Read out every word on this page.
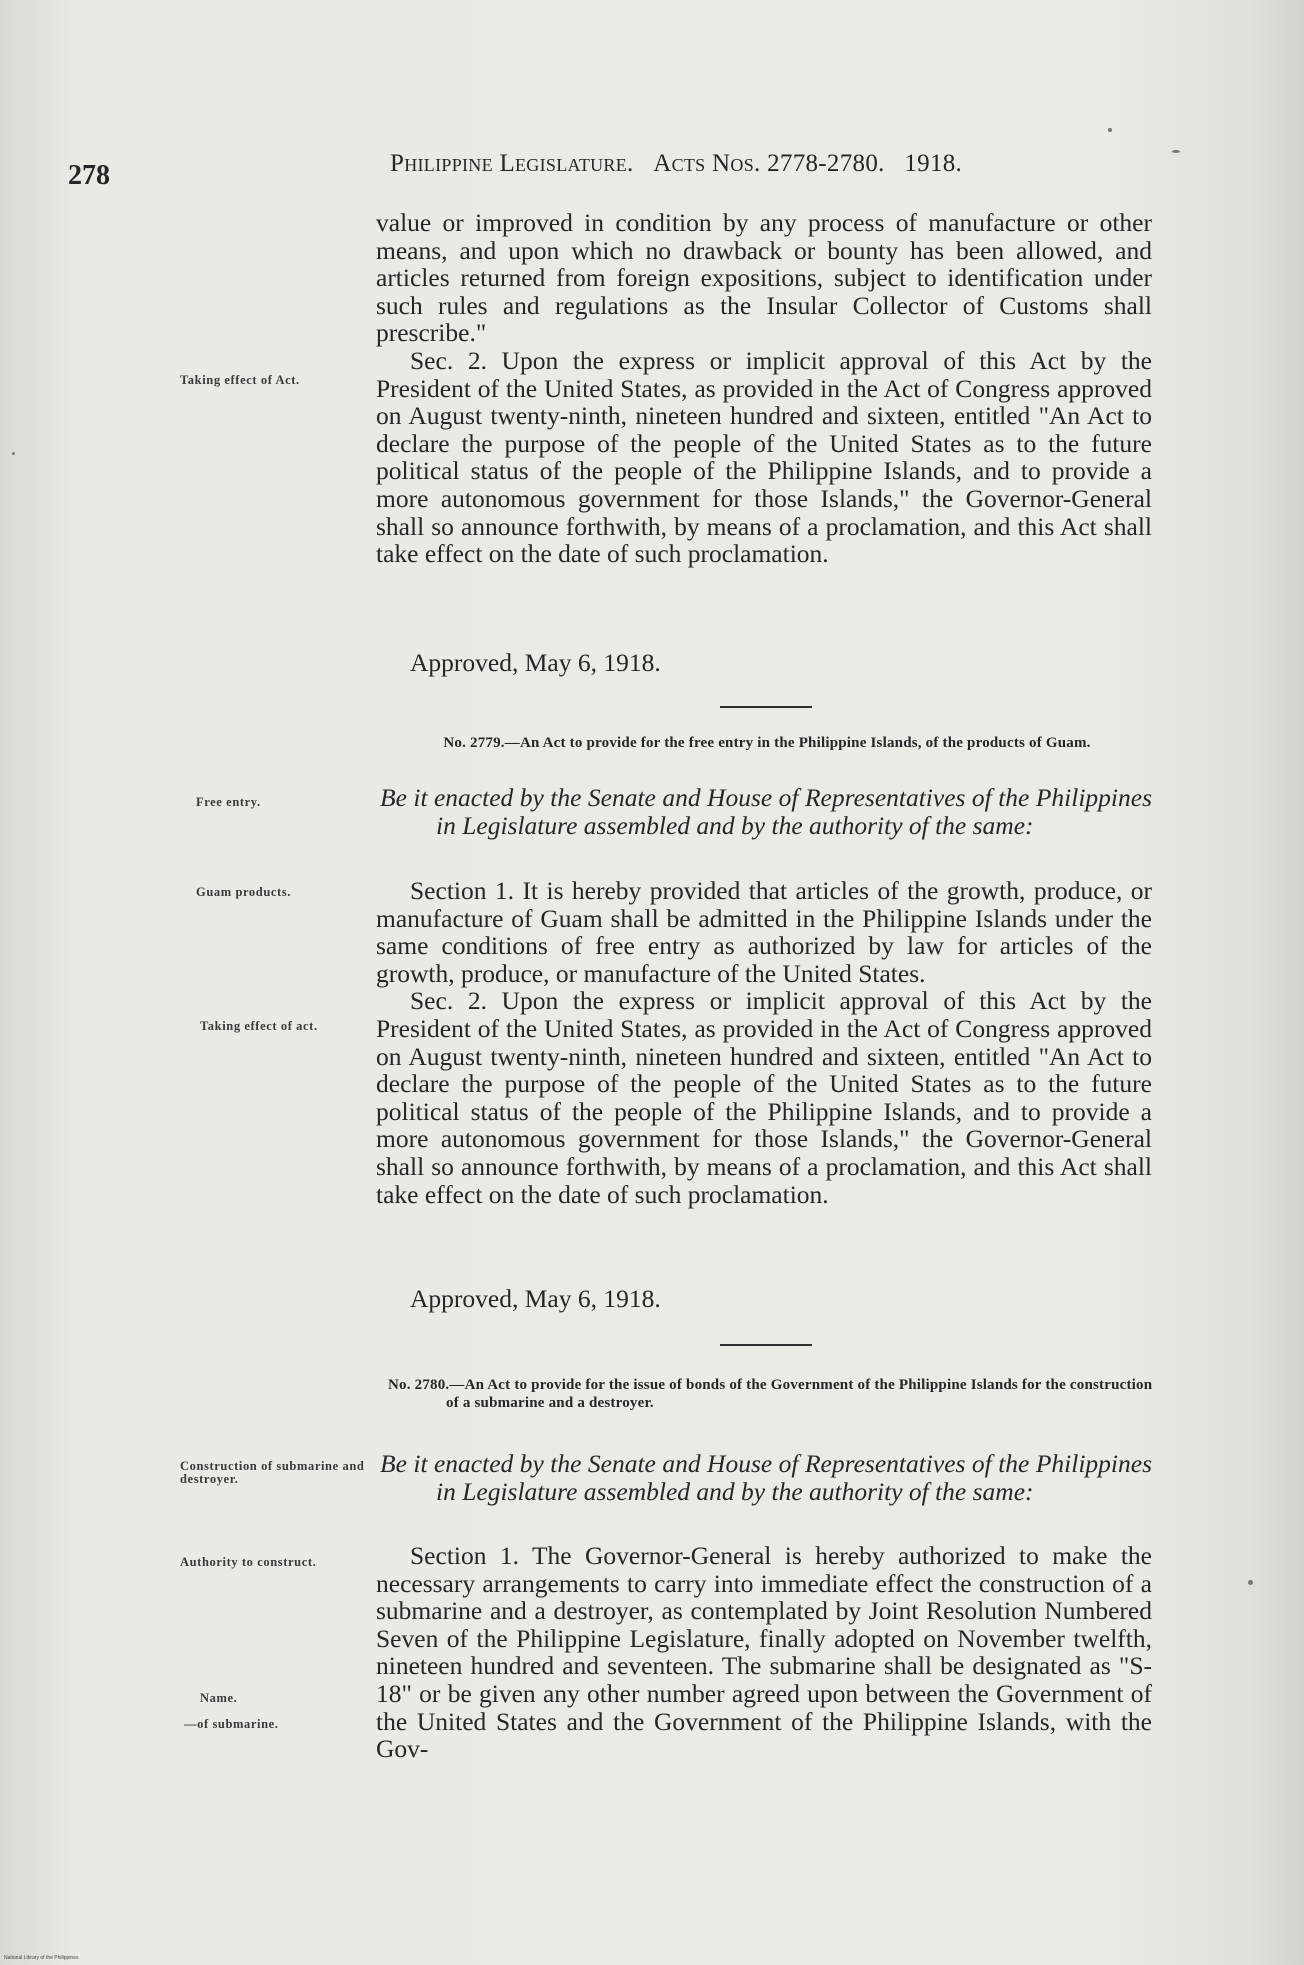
278	Philippine Legislature. Acts Nos. 2778-2780. 1918.

value or improved in condition by any process of manufacture or other means, and upon which no drawback or bounty has been allowed, and articles returned from foreign expositions, subject to identification under such rules and regulations as the Insular Collector of Customs shall prescribe."

Sec. 2. Upon the express or implicit approval of this Act by the President of the United States, as provided in the Act of Congress approved on August twenty-ninth, nineteen hundred and sixteen, entitled "An Act to declare the purpose of the people of the United States as to the future political status of the people of the Philippine Islands, and to provide a more autonomous government for those Islands," the Governor-General shall so announce forthwith, by means of a proclamation, and this Act shall take effect on the date of such proclamation.

Approved, May 6, 1918.
No. 2779.—An Act to provide for the free entry in the Philippine Islands, of the products of Guam.
Be it enacted by the Senate and House of Representatives of the Philippines in Legislature assembled and by the authority of the same:

Section 1. It is hereby provided that articles of the growth, produce, or manufacture of Guam shall be admitted in the Philippine Islands under the same conditions of free entry as authorized by law for articles of the growth, produce, or manufacture of the United States.

Sec. 2. Upon the express or implicit approval of this Act by the President of the United States, as provided in the Act of Congress approved on August twenty-ninth, nineteen hundred and sixteen, entitled "An Act to declare the purpose of the people of the United States as to the future political status of the people of the Philippine Islands, and to provide a more autonomous government for those Islands," the Governor-General shall so announce forthwith, by means of a proclamation, and this Act shall take effect on the date of such proclamation.

Approved, May 6, 1918.
No. 2780.—An Act to provide for the issue of bonds of the Government of the Philippine Islands for the construction of a submarine and a destroyer.
Be it enacted by the Senate and House of Representatives of the Philippines in Legislature assembled and by the authority of the same:

Section 1. The Governor-General is hereby authorized to make the necessary arrangements to carry into immediate effect the construction of a submarine and a destroyer, as contemplated by Joint Resolution Numbered Seven of the Philippine Legislature, finally adopted on November twelfth, nineteen hundred and seventeen. The submarine shall be designated as "S-18" or be given any other number agreed upon between the Government of the United States and the Government of the Philippine Islands, with the Gov-

Taking effect of Act.
Free entry.
Guam products.
Taking effect of act.
Construction of submarine and destroyer.
Authority to construct.
Name.
—of submarine.
National Library of the Philippines
